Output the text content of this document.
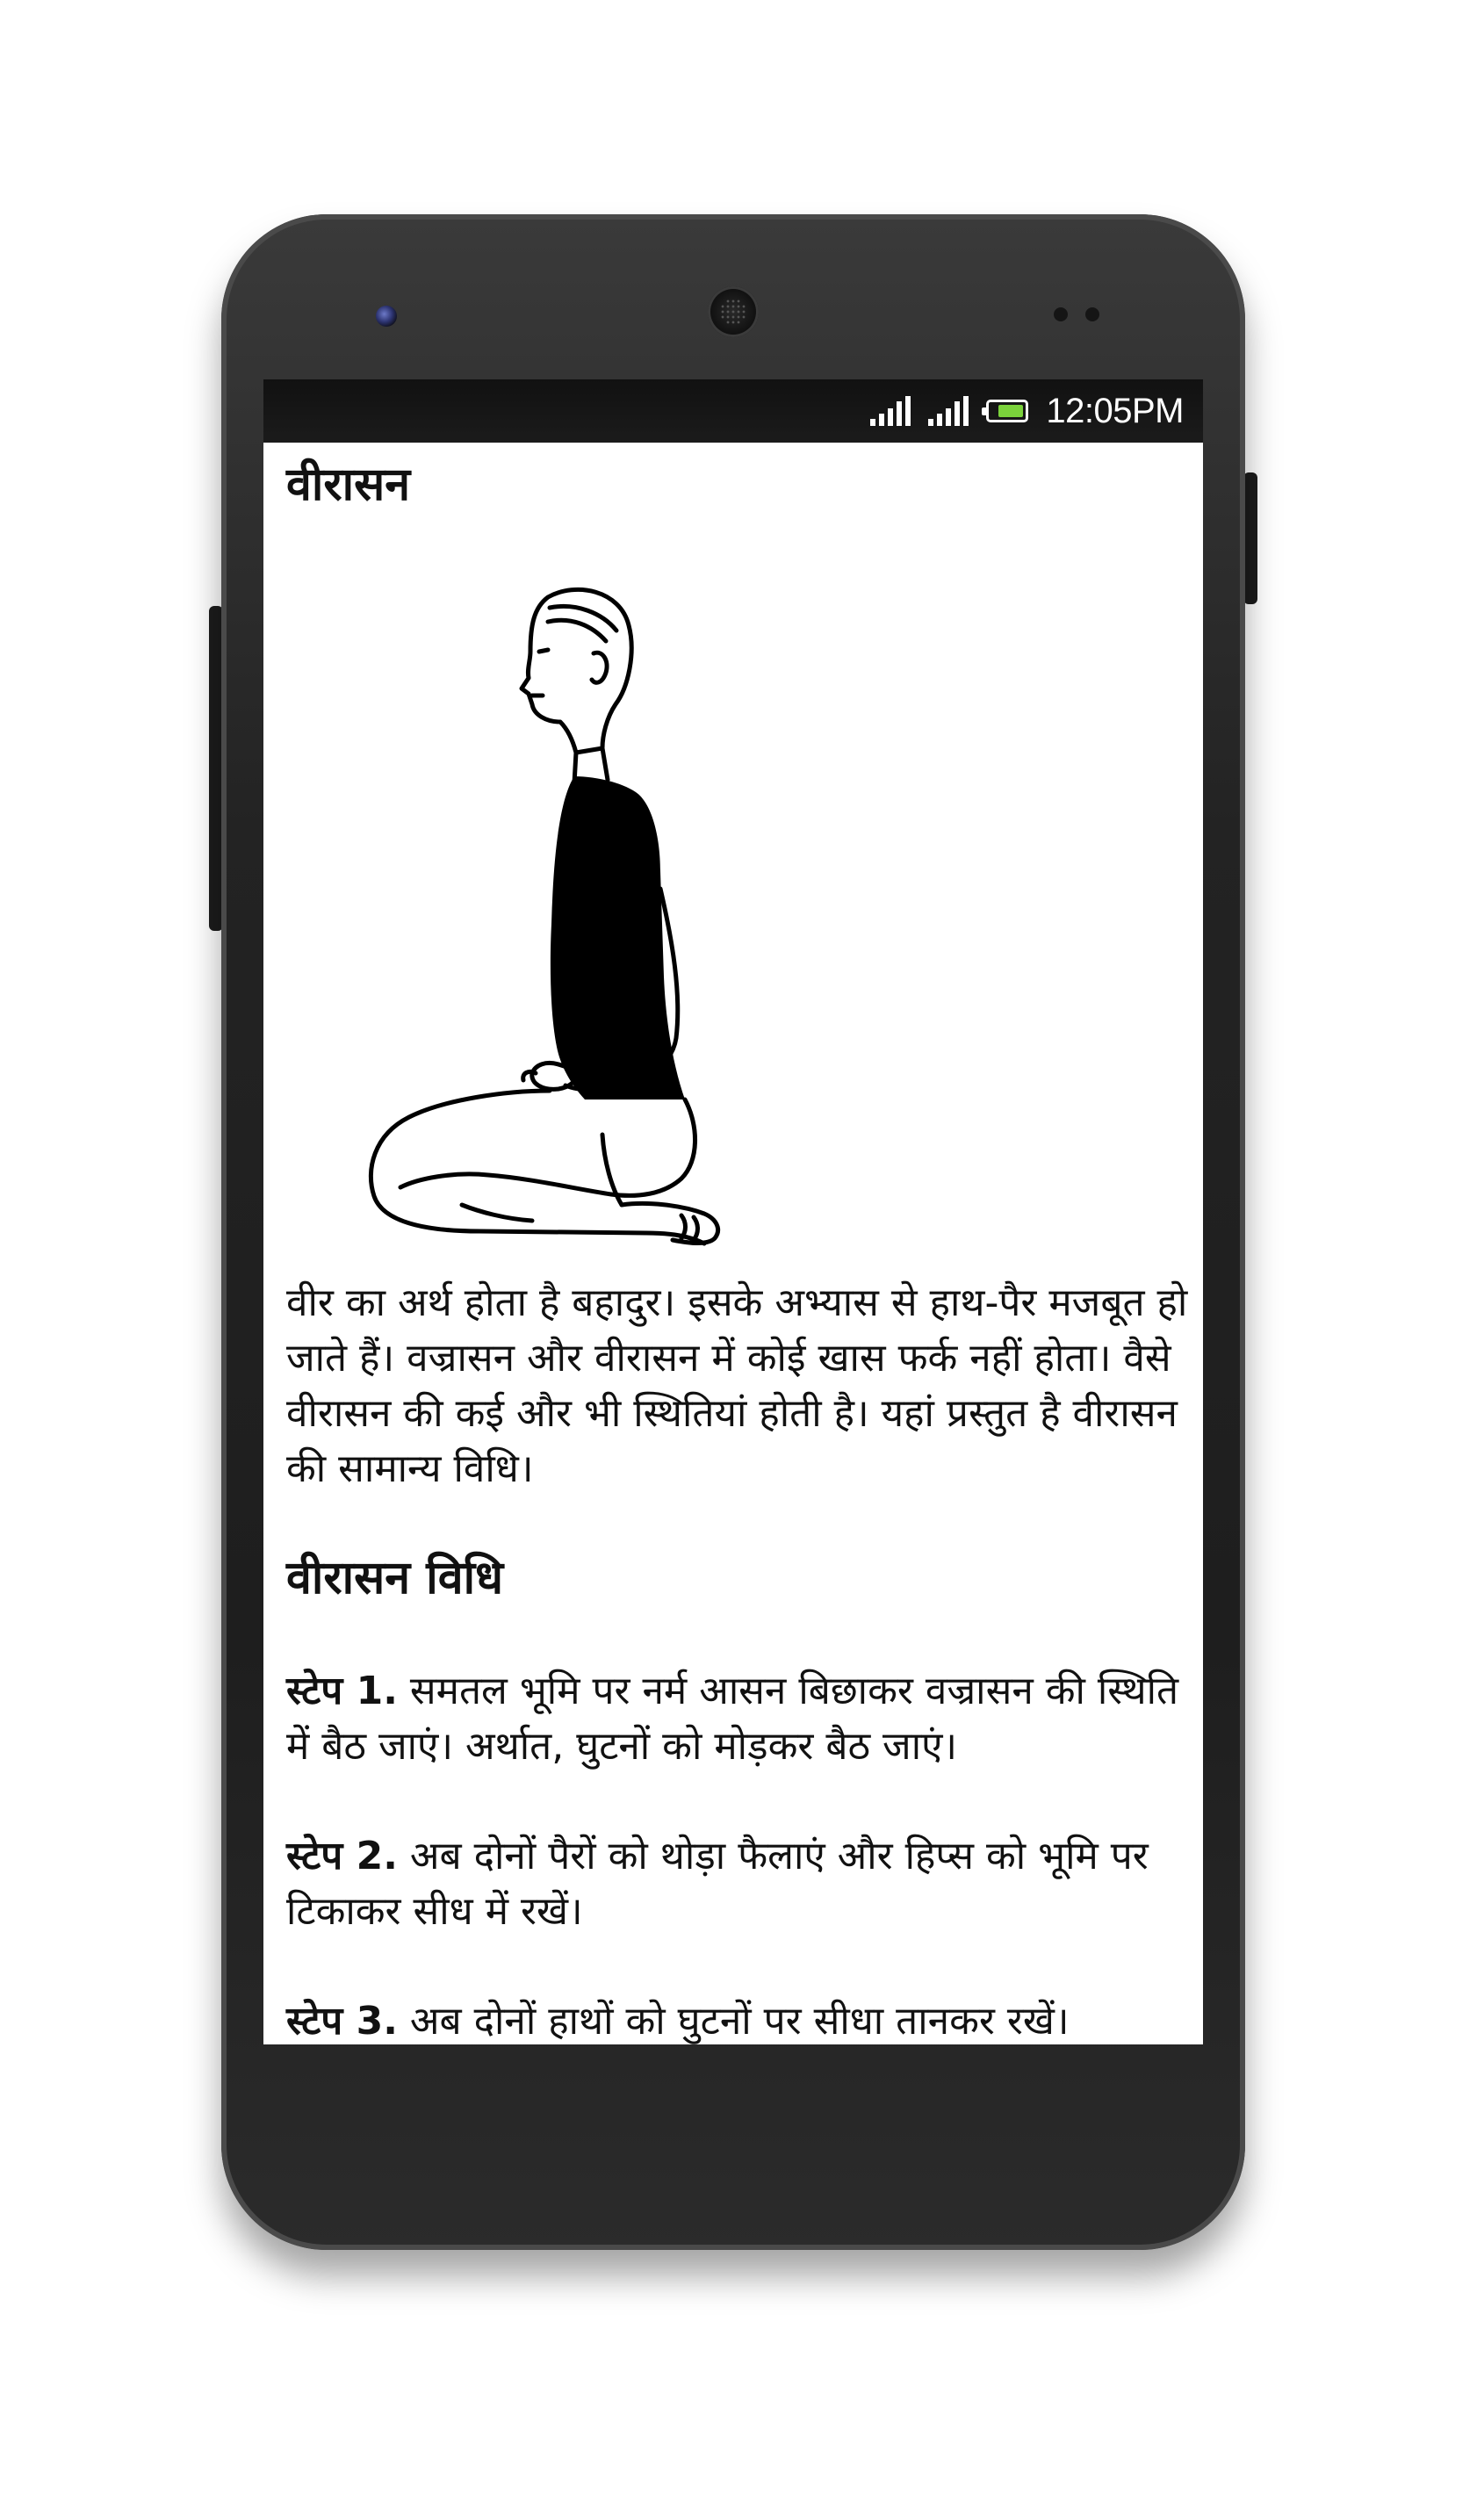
12:05PM
वीरासन

वीर का अर्थ होता है बहादुर। इसके अभ्यास से हाथ-पैर मजबूत हो जाते हैं। वज्रासन और वीरासन में कोई खास फर्क नहीं होता। वैसे वीरासन की कई और भी स्थितियां होती है। यहां प्रस्तुत है वीरासन की सामान्य विधि।

वीरासन विधि

स्टेप 1. समतल भूमि पर नर्म आसन बिछाकर वज्रासन की स्थिति में बैठ जाएं। अर्थात, घुटनों को मोड़कर बैठ जाएं।

स्टेप 2. अब दोनों पैरों को थोड़ा फैलाएं और हिप्स को भूमि पर टिकाकर सीध में रखें।

स्टेप 3. अब दोनों हाथों को घुटनों पर सीधा तानकर रखें।
